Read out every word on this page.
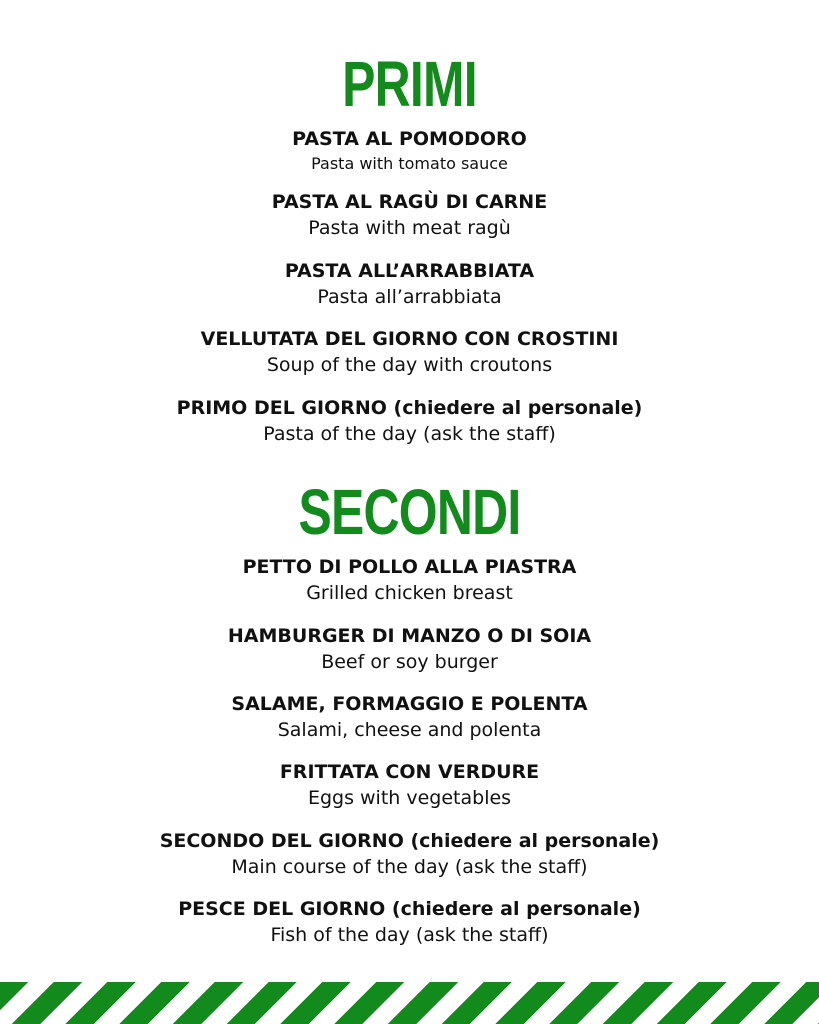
PRIMI
PASTA AL POMODORO
Pasta with tomato sauce
PASTA AL RAGÙ DI CARNE
Pasta with meat ragù
PASTA ALL’ARRABBIATA
Pasta all’arrabbiata
VELLUTATA DEL GIORNO CON CROSTINI
Soup of the day with croutons
PRIMO DEL GIORNO (chiedere al personale)
Pasta of the day (ask the staff)
SECONDI
PETTO DI POLLO ALLA PIASTRA
Grilled chicken breast
HAMBURGER DI MANZO O DI SOIA
Beef or soy burger
SALAME, FORMAGGIO E POLENTA
Salami, cheese and polenta
FRITTATA CON VERDURE
Eggs with vegetables
SECONDO DEL GIORNO (chiedere al personale)
Main course of the day (ask the staff)
PESCE DEL GIORNO (chiedere al personale)
Fish of the day (ask the staff)
